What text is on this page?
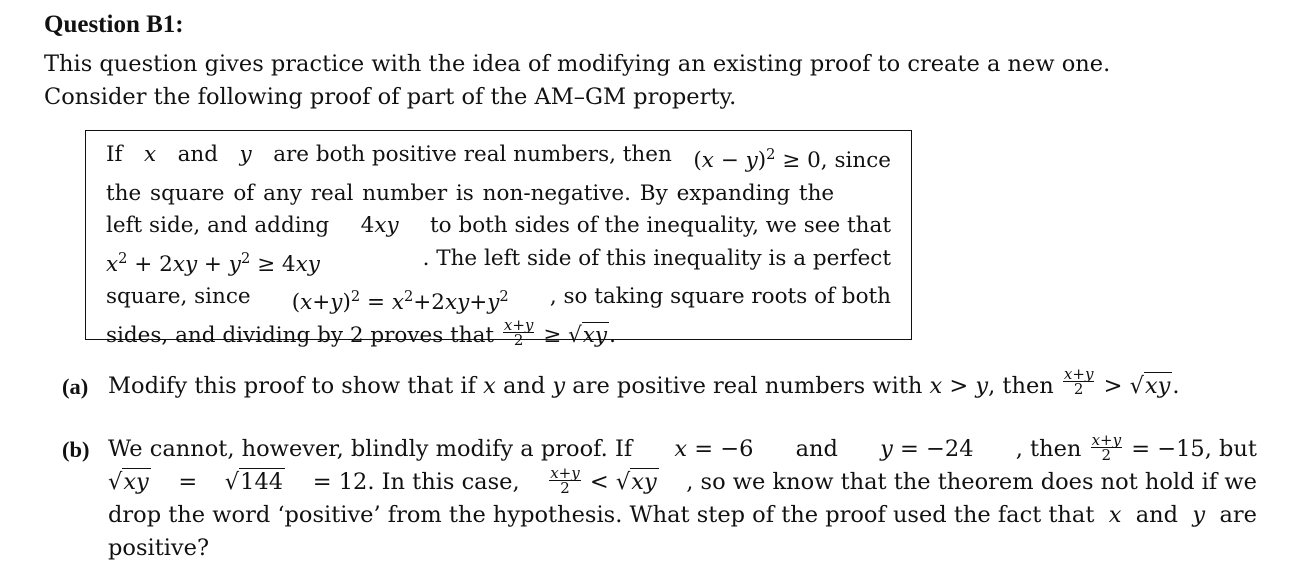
Question B1:

This question gives practice with the idea of modifying an existing proof to create a new one.

Consider the following proof of part of the AM–GM property.

If x and y are both positive real numbers, then $(x - y)^2 \ge 0$, since
the square of any real number is non-negative. By expanding the
left side, and adding 4xy to both sides of the inequality, we see that
$x^2 + 2xy + y^2 \ge 4xy$	. The left side of this inequality is a perfect
square, since $(x+y)^2 = x^2+2xy+y^2$ , so taking square roots of both
sides, and dividing by 2 proves that
$\frac{x+y}{2} \ge √xy$ .
(a) Modify this proof to show that if
x
and
y
are positive real numbers with
x > y , then
$\frac{x+y}{2} > √xy$ .
(b) We cannot, however, blindly modify a proof. If x = −6 and y = −24 , then $\frac{x+y}{2} = -15$, but
√xy = √144 = 12. In this case, $\frac{x+y}{2} < √xy$ , so we know that the theorem does not hold if we
drop the word ‘positive’ from the hypothesis. What step of the proof used the fact that x and y are
positive?
